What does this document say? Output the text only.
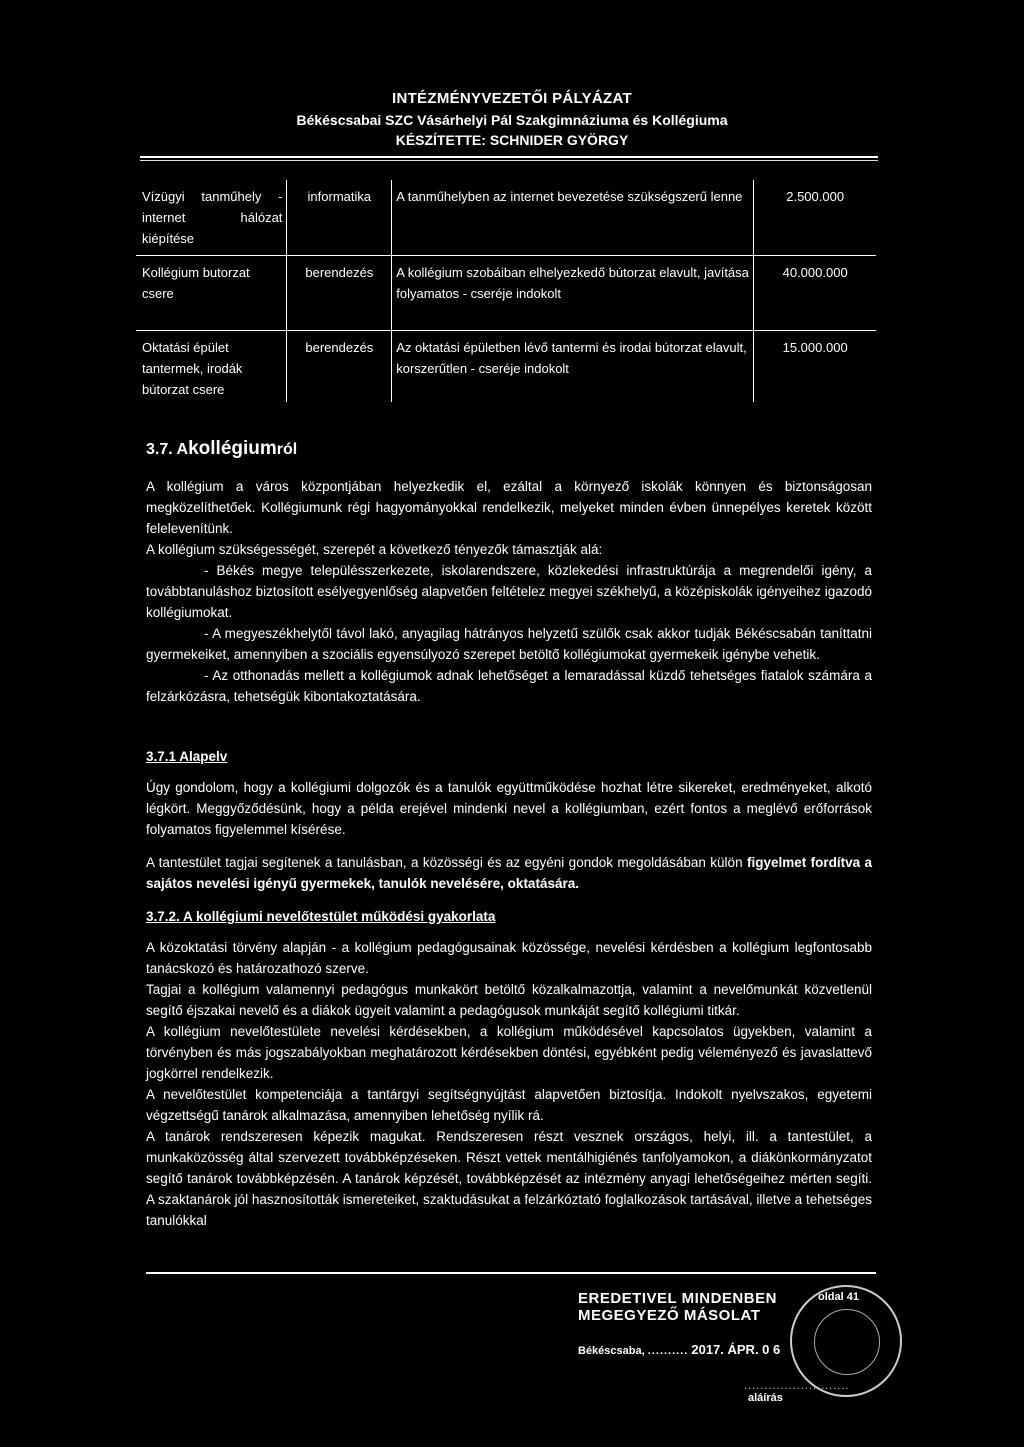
INTÉZMÉNYVEZETŐI PÁLYÁZAT
Békéscsabai SZC Vásárhelyi Pál Szakgimnáziuma és Kollégiuma
KÉSZÍTETTE: SCHNIDER GYÖRGY
Vízügyi tanműhely - internet hálózat kiépítése	informatika	A tanműhelyben az internet bevezetése szükségszerű lenne	2.500.000
Kollégium butorzat csere	berendezés	A kollégium szobáiban elhelyezkedő bútorzat elavult, javítása folyamatos - cseréje indokolt	40.000.000
Oktatási épület tantermek, irodák bútorzat csere	berendezés	Az oktatási épületben lévő tantermi és irodai bútorzat elavult, korszerűtlen - cseréje indokolt	15.000.000
3.7. Akollégiumról

A kollégium a város központjában helyezkedik el, ezáltal a környező iskolák könnyen és biztonságosan megközelíthetőek. Kollégiumunk régi hagyományokkal rendelkezik, melyeket minden évben ünnepélyes keretek között felelevenítünk.

A kollégium szükségességét, szerepét a következő tényezők támasztják alá:

- Békés megye településszerkezete, iskolarendszere, közlekedési infrastruktúrája a megrendelői igény, a továbbtanuláshoz biztosított esélyegyenlőség alapvetően feltételez megyei székhelyű, a középiskolák igényeihez igazodó kollégiumokat.

- A megyeszékhelytől távol lakó, anyagilag hátrányos helyzetű szülők csak akkor tudják Békéscsabán taníttatni gyermekeiket, amennyiben a szociális egyensúlyozó szerepet betöltő kollégiumokat gyermekeik igénybe vehetik.

- Az otthonadás mellett a kollégiumok adnak lehetőséget a lemaradással küzdő tehetséges fiatalok számára a felzárkózásra, tehetségük kibontakoztatására.

3.7.1 Alapelv

Úgy gondolom, hogy a kollégiumi dolgozók és a tanulók együttműködése hozhat létre sikereket, eredményeket, alkotó légkört. Meggyőződésünk, hogy a példa erejével mindenki nevel a kollégiumban, ezért fontos a meglévő erőforrások folyamatos figyelemmel kísérése.

A tantestület tagjai segítenek a tanulásban, a közösségi és az egyéni gondok megoldásában külön figyelmet fordítva a sajátos nevelési igényű gyermekek, tanulók nevelésére, oktatására.

3.7.2. A kollégiumi nevelőtestület működési gyakorlata

A közoktatási törvény alapján - a kollégium pedagógusainak közössége, nevelési kérdésben a kollégium legfontosabb tanácskozó és határozathozó szerve.

Tagjai a kollégium valamennyi pedagógus munkakört betöltő közalkalmazottja, valamint a nevelőmunkát közvetlenül segítő éjszakai nevelő és a diákok ügyeit valamint a pedagógusok munkáját segítő kollégiumi titkár.

A kollégium nevelőtestülete nevelési kérdésekben, a kollégium működésével kapcsolatos ügyekben, valamint a törvényben és más jogszabályokban meghatározott kérdésekben döntési, egyébként pedig véleményező és javaslattevő jogkörrel rendelkezik.

A nevelőtestület kompetenciája a tantárgyi segítségnyújtást alapvetően biztosítja. Indokolt nyelvszakos, egyetemi végzettségű tanárok alkalmazása, amennyiben lehetőség nyílik rá.

A tanárok rendszeresen képezik magukat. Rendszeresen részt vesznek országos, helyi, ill. a tantestület, a munkaközösség által szervezett továbbképzéseken. Részt vettek mentálhigiénés tanfolyamokon, a diákönkormányzatot segítő tanárok továbbképzésén. A tanárok képzését, továbbképzését az intézmény anyagi lehetőségeihez mérten segíti. A szaktanárok jól hasznosították ismereteiket, szaktudásukat a felzárkóztató foglalkozások tartásával, illetve a tehetséges tanulókkal

EREDETIVEL MINDENBEN
MEGEGYEZŐ MÁSOLAT
Békéscsaba, .......... 2017. ÁPR. 0 6
oldal 41
..........................
aláírás
